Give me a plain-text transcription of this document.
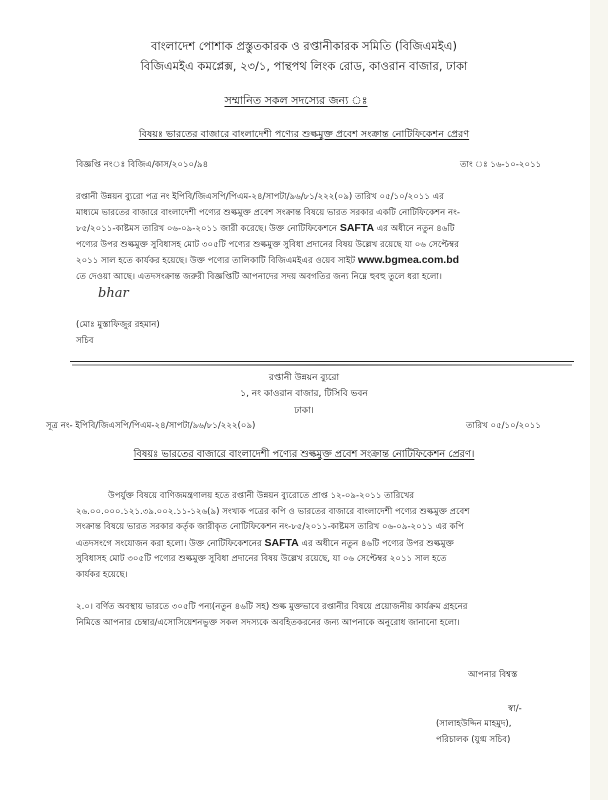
বাংলাদেশ পোশাক প্রস্তুতকারক ও রপ্তানীকারক সমিতি (বিজিএমইএ)
বিজিএমইএ কমপ্লেক্স, ২৩/১, পান্থপথ লিংক রোড, কাওরান বাজার, ঢাকা
সম্মানিত সকল সদস্যের জন্য ঃ
বিষয়ঃ ভারতের বাজারে বাংলাদেশী পণ্যের শুল্কমুক্ত প্রবেশ সংক্রান্ত নোটিফিকেশন প্রেরণ
বিজ্ঞপ্তি নং‍ঃ বিজিএ/কাস/২০১০/৯৪	তাং ঃ ১৬-১০-২০১১
রপ্তানী উন্নয়ন ব্যুরো পত্র নং ইপিবি/জিএসপি/পিএম-২৪/সাপটা/৯৬/৮১/২২২(০৯) তারিখ ০৫/১০/২০১১ এর
মাধ্যমে ভারতের বাজারে বাংলাদেশী পণ্যের শুল্কমুক্ত প্রবেশ সংক্রান্ত বিষয়ে ভারত সরকার একটি নোটিফিকেশন নং-
৮৫/২০১১-কাষ্টমস তারিখ ০৬-০৯-২০১১ জারী করেছে। উক্ত নোটিফিকেশনে SAFTA এর অধীনে নতুন ৪৬টি
পণ্যের উপর শুল্কমুক্ত সুবিধাসহ মোট ৩০৫টি পণ্যের শুল্কমুক্ত সুবিধা প্রদানের বিষয় উল্লেখ রয়েছে যা ০৬ সেপ্টেম্বর
২০১১ সাল হতে কার্যকর হয়েছে। উক্ত পণ্যের তালিকাটি বিজিএমইএর ওয়েব সাইট www.bgmea.com.bd
তে দেওয়া আছে। এতদসংক্রান্ত জরুরী বিজ্ঞপ্তিটি আপনাদের সদয় অবগতির জন্য নিম্নে হুবহু তুলে ধরা হলো।
bhar
(মোঃ মুস্তাফিজুর রহমান)
সচিব
রপ্তানী উন্নয়ন ব্যুরো
১, নং কাওরান বাজার, টিসিবি ভবন
ঢাকা।
সূত্র নং- ইপিবি/জিএসপি/পিএম-২৪/সাপটা/৯৬/৮১/২২২(০৯)	তারিখ ০৫/১০/২০১১
বিষয়ঃ ভারতের বাজারে বাংলাদেশী পণ্যের শুল্কমুক্ত প্রবেশ সংক্রান্ত নোটিফিকেশন প্রেরণ।
উপর্যুক্ত বিষয়ে বাণিজমন্ত্রণালয় হতে রপ্তানী উন্নয়ন ব্যুরোতে প্রাপ্ত ১২-০৯-২০১১ তারিখের
২৬.০০.০০০.১২১.৩৯.০০২.১১-১২৬(৯) সংখ্যক পত্রের কপি ও ভারতের বাজারে বাংলাদেশী পণ্যের শুল্কমুক্ত প্রবেশ
সংক্রান্ত বিষয়ে ভারত সরকার কর্তৃক জারীকৃত নোটিফিকেশন নং-৮৫/২০১১-কাষ্টমস তারিখ ০৬-০৯-২০১১ এর কপি
এতদসংগে সংযোজন করা হলো। উক্ত নোটিফিকেশনের SAFTA এর অধীনে নতুন ৪৬টি পণ্যের উপর শুল্কমুক্ত
সুবিধাসহ মোট ৩০৫টি পণ্যের শুল্কমুক্ত সুবিধা প্রদানের বিষয় উল্লেখ রয়েছে, যা ০৬ সেপ্টেম্বর ২০১১ সাল হতে
কার্যকর হয়েছে।
২.০। বর্ণিত অবস্থায় ভারতে ৩০৫টি পন্য(নতুন ৪৬টি সহ) শুল্ক মুক্তভাবে রপ্তানীর বিষয়ে প্রয়োজনীয় কার্যক্রম গ্রহনের
নিমিত্তে আপনার চেম্বার/এসোসিয়েশনভুক্ত সকল সদস্যকে অবহিতকরনের জন্য আপনাকে অনুরোধ জানানো হলো।
আপনার বিশ্বস্ত
স্বা/-
(সালাহউদ্দিন মাহমুদ),
পরিচালক (যুগ্ম সচিব)
